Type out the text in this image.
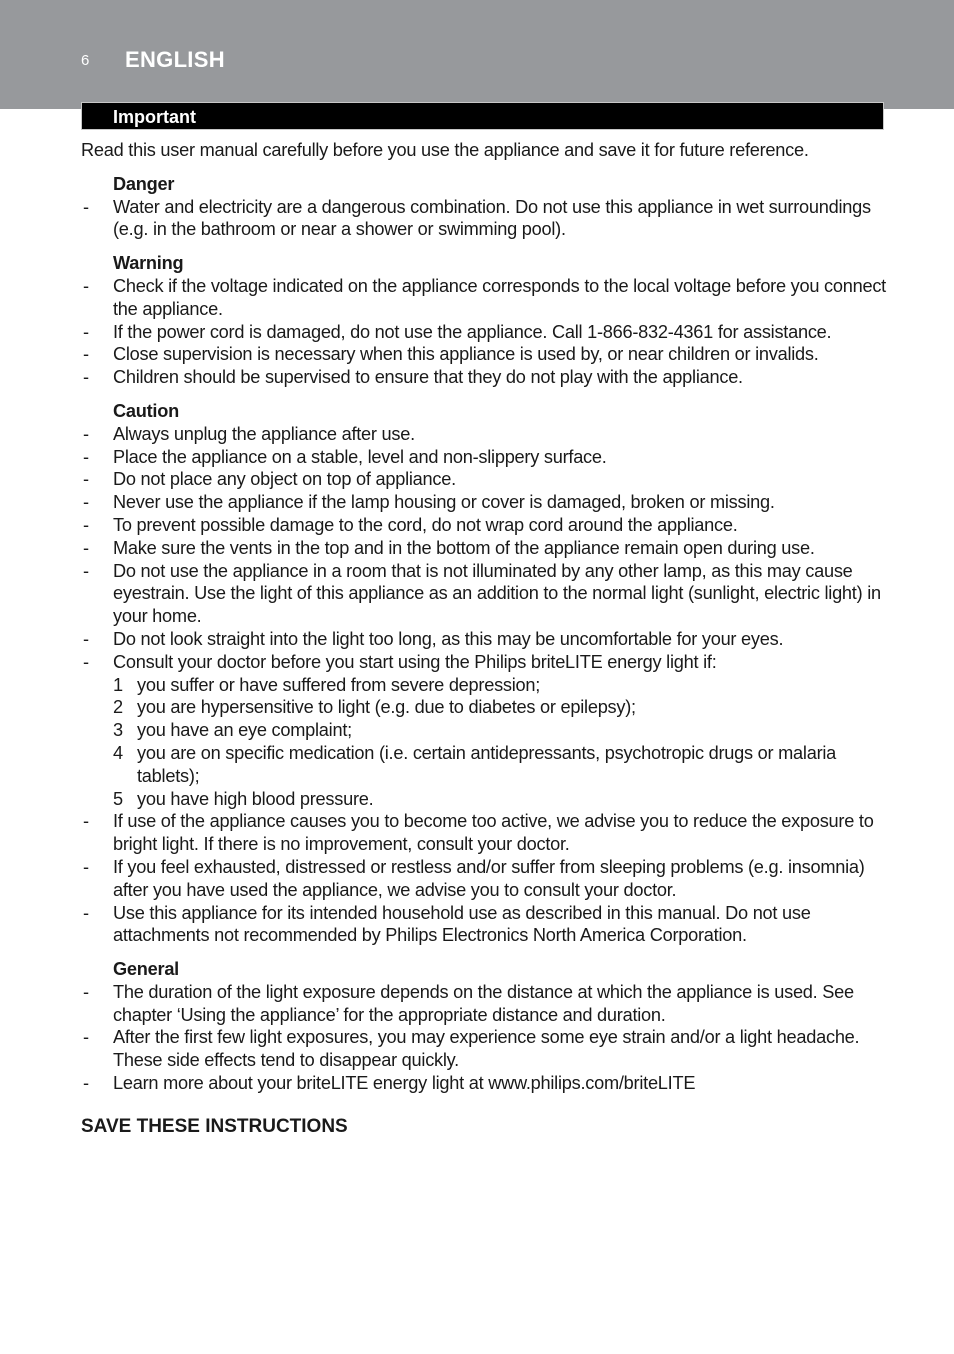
6 ENGLISH
Important

Read this user manual carefully before you use the appliance and save it for future reference.

Danger

- Water and electricity are a dangerous combination. Do not use this appliance in wet surroundings (e.g. in the bathroom or near a shower or swimming pool).

Warning

- Check if the voltage indicated on the appliance corresponds to the local voltage before you connect the appliance.
- If the power cord is damaged, do not use the appliance. Call 1-866-832-4361 for assistance.
- Close supervision is necessary when this appliance is used by, or near children or invalids.
- Children should be supervised to ensure that they do not play with the appliance.

Caution

- Always unplug the appliance after use.
- Place the appliance on a stable, level and non-slippery surface.
- Do not place any object on top of appliance.
- Never use the appliance if the lamp housing or cover is damaged, broken or missing.
- To prevent possible damage to the cord, do not wrap cord around the appliance.
- Make sure the vents in the top and in the bottom of the appliance remain open during use.
- Do not use the appliance in a room that is not illuminated by any other lamp, as this may cause eyestrain. Use the light of this appliance as an addition to the normal light (sunlight, electric light) in your home.
- Do not look straight into the light too long, as this may be uncomfortable for your eyes.
- Consult your doctor before you start using the Philips briteLITE energy light if:
1 you suffer or have suffered from severe depression;
2 you are hypersensitive to light (e.g. due to diabetes or epilepsy);
3 you have an eye complaint;
4 you are on specific medication (i.e. certain antidepressants, psychotropic drugs or malaria tablets);
5 you have high blood pressure.
- If use of the appliance causes you to become too active, we advise you to reduce the exposure to bright light. If there is no improvement, consult your doctor.
- If you feel exhausted, distressed or restless and/or suffer from sleeping problems (e.g. insomnia) after you have used the appliance, we advise you to consult your doctor.
- Use this appliance for its intended household use as described in this manual. Do not use attachments not recommended by Philips Electronics North America Corporation.

General

- The duration of the light exposure depends on the distance at which the appliance is used. See chapter ‘Using the appliance’ for the appropriate distance and duration.
- After the first few light exposures, you may experience some eye strain and/or a light headache. These side effects tend to disappear quickly.
- Learn more about your briteLITE energy light at www.philips.com/briteLITE

SAVE THESE INSTRUCTIONS
